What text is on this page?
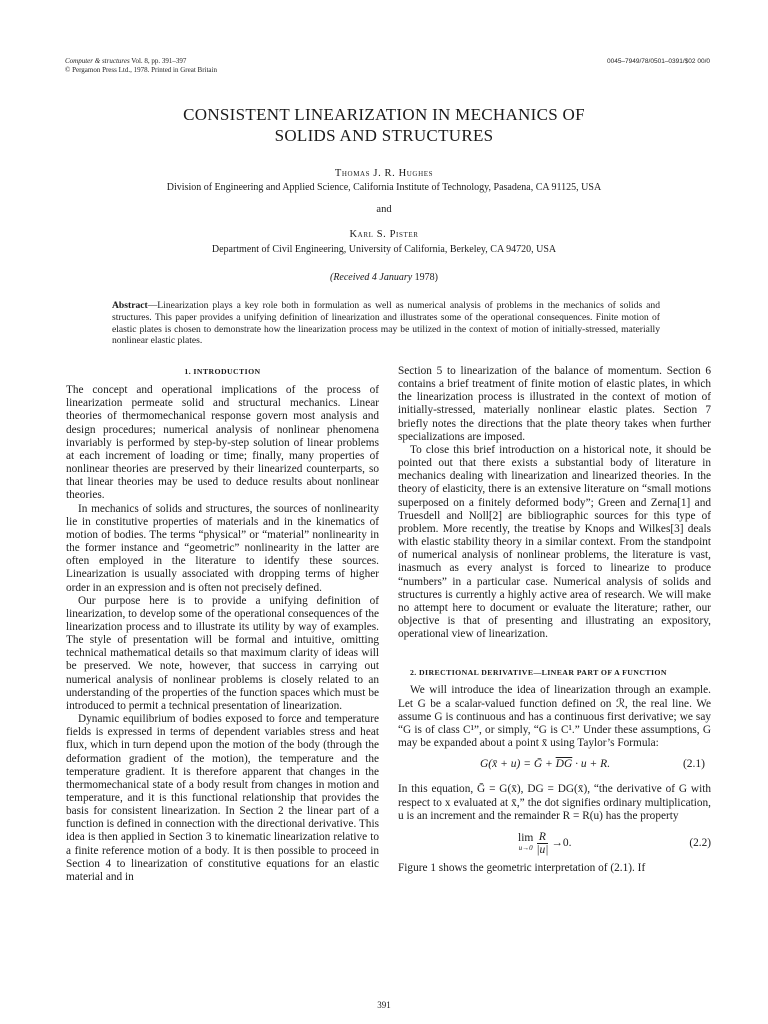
Computer & structures Vol. 8, pp. 391–397
© Pergamon Press Ltd., 1978. Printed in Great Britain
0045–7949/78/0501–0391/$02 00/0
CONSISTENT LINEARIZATION IN MECHANICS OF
SOLIDS AND STRUCTURES
Thomas J. R. Hughes
Division of Engineering and Applied Science, California Institute of Technology, Pasadena, CA 91125, USA
and
Karl S. Pister
Department of Civil Engineering, University of California, Berkeley, CA 94720, USA
(Received 4 January 1978)

Abstract—Linearization plays a key role both in formulation as well as numerical analysis of problems in the mechanics of solids and structures. This paper provides a unifying definition of linearization and illustrates some of the operational consequences. Finite motion of elastic plates is chosen to demonstrate how the linearization process may be utilized in the context of motion of initially-stressed, materially nonlinear elastic plates.

1. INTRODUCTION

The concept and operational implications of the process of linearization permeate solid and structural mechanics. Linear theories of thermomechanical response govern most analysis and design procedures; numerical analysis of nonlinear phenomena invariably is performed by step-by-step solution of linear problems at each increment of loading or time; finally, many properties of nonlinear theories are preserved by their linearized counterparts, so that linear theories may be used to deduce results about nonlinear theories.

In mechanics of solids and structures, the sources of nonlinearity lie in constitutive properties of materials and in the kinematics of motion of bodies. The terms “physical” or “material” nonlinearity in the former instance and “geometric” nonlinearity in the latter are often employed in the literature to identify these sources. Linearization is usually associated with dropping terms of higher order in an expression and is often not precisely defined.

Our purpose here is to provide a unifying definition of linearization, to develop some of the operational consequences of the linearization process and to illustrate its utility by way of examples. The style of presentation will be formal and intuitive, omitting technical mathematical details so that maximum clarity of ideas will be preserved. We note, however, that success in carrying out numerical analysis of nonlinear problems is closely related to an understanding of the properties of the function spaces which must be introduced to permit a technical presentation of linearization.

Dynamic equilibrium of bodies exposed to force and temperature fields is expressed in terms of dependent variables stress and heat flux, which in turn depend upon the motion of the body (through the deformation gradient of the motion), the temperature and the temperature gradient. It is therefore apparent that changes in the thermomechanical state of a body result from changes in motion and temperature, and it is this functional relationship that provides the basis for consistent linearization. In Section 2 the linear part of a function is defined in connection with the directional derivative. This idea is then applied in Section 3 to kinematic linearization relative to a finite reference motion of a body. It is then possible to proceed in Section 4 to linearization of constitutive equations for an elastic material and in

Section 5 to linearization of the balance of momentum. Section 6 contains a brief treatment of finite motion of elastic plates, in which the linearization process is illustrated in the context of motion of initially-stressed, materially nonlinear elastic plates. Section 7 briefly notes the directions that the plate theory takes when further specializations are imposed.

To close this brief introduction on a historical note, it should be pointed out that there exists a substantial body of literature in mechanics dealing with linearization and linearized theories. In the theory of elasticity, there is an extensive literature on “small motions superposed on a finitely deformed body”; Green and Zerna[1] and Truesdell and Noll[2] are bibliographic sources for this type of problem. More recently, the treatise by Knops and Wilkes[3] deals with elastic stability theory in a similar context. From the standpoint of numerical analysis of nonlinear problems, the literature is vast, inasmuch as every analyst is forced to linearize to produce “numbers” in a particular case. Numerical analysis of solids and structures is currently a highly active area of research. We will make no attempt here to document or evaluate the literature; rather, our objective is that of presenting and illustrating an expository, operational view of linearization.

2. DIRECTIONAL DERIVATIVE—LINEAR PART OF A FUNCTION

We will introduce the idea of linearization through an example. Let G be a scalar-valued function defined on ℛ, the real line. We assume G is continuous and has a continuous first derivative; we say “G is of class C¹”, or simply, “G is C¹.” Under these assumptions, G may be expanded about a point x̄ using Taylor’s Formula:

G(x̄ + u) = Ḡ + $\overline{DG} \cdot u + R$.	(2.1)

In this equation, Ḡ = G(x̄), DG = DG(x̄), “the derivative of G with respect to x evaluated at x̄,” the dot signifies ordinary multiplication, u is an increment and the remainder R = R(u) has the property

lim
$u\to 0 \frac{R}{|u|} \to 0$.	(2.2)

Figure 1 shows the geometric interpretation of (2.1). If

391
